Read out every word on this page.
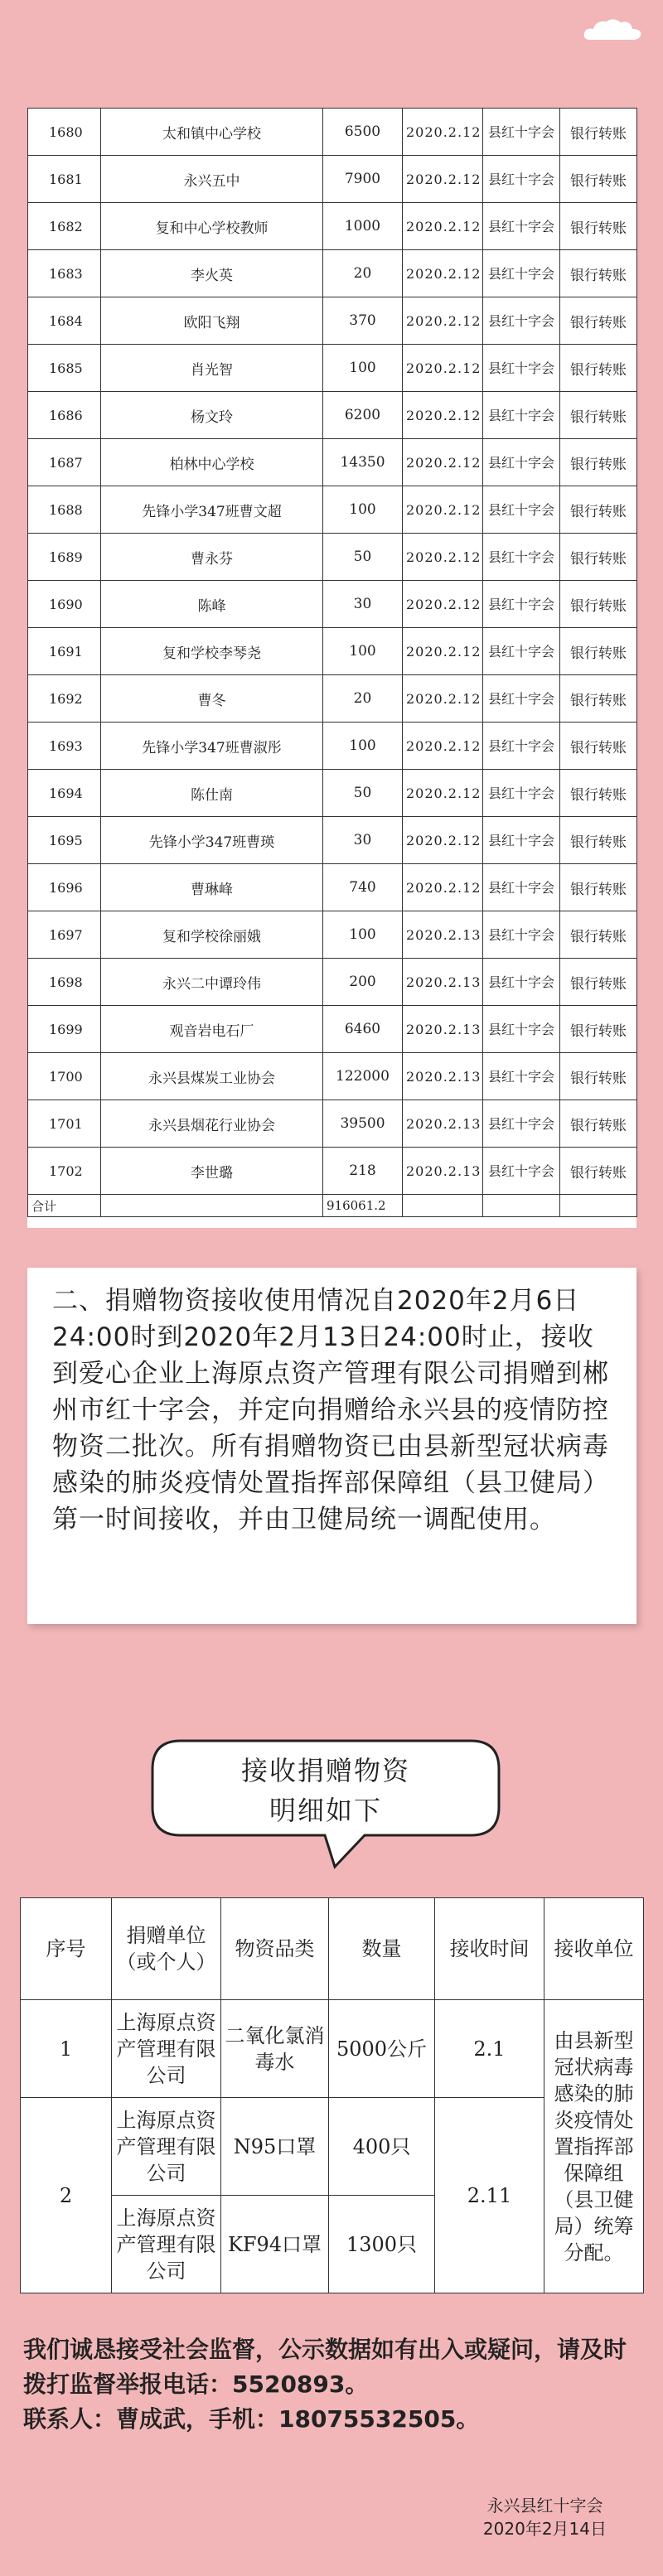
1680	太和镇中心学校	6500	2020.2.12	县红十字会	银行转账
1681	永兴五中	7900	2020.2.12	县红十字会	银行转账
1682	复和中心学校教师	1000	2020.2.12	县红十字会	银行转账
1683	李火英	20	2020.2.12	县红十字会	银行转账
1684	欧阳飞翔	370	2020.2.12	县红十字会	银行转账
1685	肖光智	100	2020.2.12	县红十字会	银行转账
1686	杨文玲	6200	2020.2.12	县红十字会	银行转账
1687	柏林中心学校	14350	2020.2.12	县红十字会	银行转账
1688	先锋小学347班曹文超	100	2020.2.12	县红十字会	银行转账
1689	曹永芬	50	2020.2.12	县红十字会	银行转账
1690	陈峰	30	2020.2.12	县红十字会	银行转账
1691	复和学校李琴尧	100	2020.2.12	县红十字会	银行转账
1692	曹冬	20	2020.2.12	县红十字会	银行转账
1693	先锋小学347班曹淑彤	100	2020.2.12	县红十字会	银行转账
1694	陈仕南	50	2020.2.12	县红十字会	银行转账
1695	先锋小学347班曹瑛	30	2020.2.12	县红十字会	银行转账
1696	曹琳峰	740	2020.2.12	县红十字会	银行转账
1697	复和学校徐丽娥	100	2020.2.13	县红十字会	银行转账
1698	永兴二中谭玲伟	200	2020.2.13	县红十字会	银行转账
1699	观音岩电石厂	6460	2020.2.13	县红十字会	银行转账
1700	永兴县煤炭工业协会	122000	2020.2.13	县红十字会	银行转账
1701	永兴县烟花行业协会	39500	2020.2.13	县红十字会	银行转账
1702	李世璐	218	2020.2.13	县红十字会	银行转账
合计		916061.2			

二、捐赠物资接收使用情况自2020年2月6日24:00时到2020年2月13日24:00时止，接收到爱心企业上海原点资产管理有限公司捐赠到郴州市红十字会，并定向捐赠给永兴县的疫情防控物资二批次。所有捐赠物资已由县新型冠状病毒感染的肺炎疫情处置指挥部保障组（县卫健局）第一时间接收，并由卫健局统一调配使用。

接收捐赠物资
明细如下
序号	捐赠单位（或个人）	物资品类	数量	接收时间	接收单位
1	上海原点资产管理有限公司	二氧化氯消毒水	5000公斤	2.1	由县新型冠状病毒感染的肺炎疫情处置指挥部保障组（县卫健局）统筹分配。
2	上海原点资产管理有限公司	N95口罩	400只	2.11	
	上海原点资产管理有限公司	KF94口罩	1300只		
我们诚恳接受社会监督，公示数据如有出入或疑问，请及时拨打监督举报电话：5520893。
联系人：曹成武，手机：18075532505。
永兴县红十字会
2020年2月14日
